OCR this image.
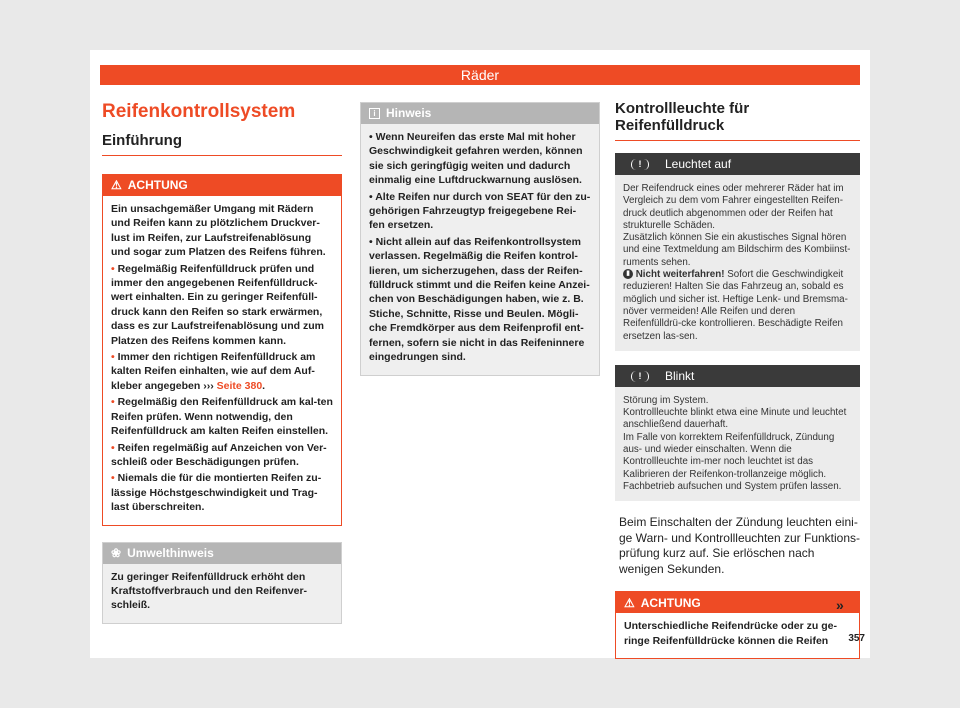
Räder
Reifenkontrollsystem
Einführung
⚠ ACHTUNG

Ein unsachgemäßer Umgang mit Rädern und Reifen kann zu plötzlichem Druckver-lust im Reifen, zur Laufstreifenablösung und sogar zum Platzen des Reifens führen.

• Regelmäßig Reifenfülldruck prüfen und immer den angegebenen Reifenfülldruck-wert einhalten. Ein zu geringer Reifenfüll-druck kann den Reifen so stark erwärmen, dass es zur Laufstreifenablösung und zum Platzen des Reifens kommen kann.

• Immer den richtigen Reifenfülldruck am kalten Reifen einhalten, wie auf dem Auf-kleber angegeben ››› Seite 380.

• Regelmäßig den Reifenfülldruck am kal-ten Reifen prüfen. Wenn notwendig, den Reifenfülldruck am kalten Reifen einstellen.

• Reifen regelmäßig auf Anzeichen von Ver-schleiß oder Beschädigungen prüfen.

• Niemals die für die montierten Reifen zu-lässige Höchstgeschwindigkeit und Trag-last überschreiten.

❀ Umwelthinweis

Zu geringer Reifenfülldruck erhöht den Kraftstoffverbrauch und den Reifenver-schleiß.

i Hinweis

• Wenn Neureifen das erste Mal mit hoher Geschwindigkeit gefahren werden, können sie sich geringfügig weiten und dadurch einmalig eine Luftdruckwarnung auslösen.

• Alte Reifen nur durch von SEAT für den zu-gehörigen Fahrzeugtyp freigegebene Rei-fen ersetzen.

• Nicht allein auf das Reifenkontrollsystem verlassen. Regelmäßig die Reifen kontrol-lieren, um sicherzugehen, dass der Reifen-fülldruck stimmt und die Reifen keine Anzei-chen von Beschädigungen haben, wie z. B. Stiche, Schnitte, Risse und Beulen. Mögli-che Fremdkörper aus dem Reifenprofil ent-fernen, sofern sie nicht in das Reifeninnere eingedrungen sind.

Kontrollleuchte für Reifenfülldruck
!	Leuchtet auf

Der Reifendruck eines oder mehrerer Räder hat im Vergleich zu dem vom Fahrer eingestellten Reifen-druck deutlich abgenommen oder der Reifen hat strukturelle Schäden.

Zusätzlich können Sie ein akustisches Signal hören und eine Textmeldung am Bildschirm des Kombiinst-ruments sehen.

▮ Nicht weiterfahren! Sofort die Geschwindigkeit reduzieren! Halten Sie das Fahrzeug an, sobald es möglich und sicher ist. Heftige Lenk- und Bremsma-növer vermeiden! Alle Reifen und deren Reifenfülldrü-cke kontrollieren. Beschädigte Reifen ersetzen las-sen.

!	Blinkt

Störung im System.

Kontrollleuchte blinkt etwa eine Minute und leuchtet anschließend dauerhaft.

Im Falle von korrektem Reifenfülldruck, Zündung aus- und wieder einschalten. Wenn die Kontrollleuchte im-mer noch leuchtet ist das Kalibrieren der Reifenkon-trollanzeige möglich. Fachbetrieb aufsuchen und System prüfen lassen.

Beim Einschalten der Zündung leuchten eini-ge Warn- und Kontrollleuchten zur Funktions-prüfung kurz auf. Sie erlöschen nach wenigen Sekunden.

⚠ ACHTUNG

Unterschiedliche Reifendrücke oder zu ge-ringe Reifenfülldrücke können die Reifen

»
357
